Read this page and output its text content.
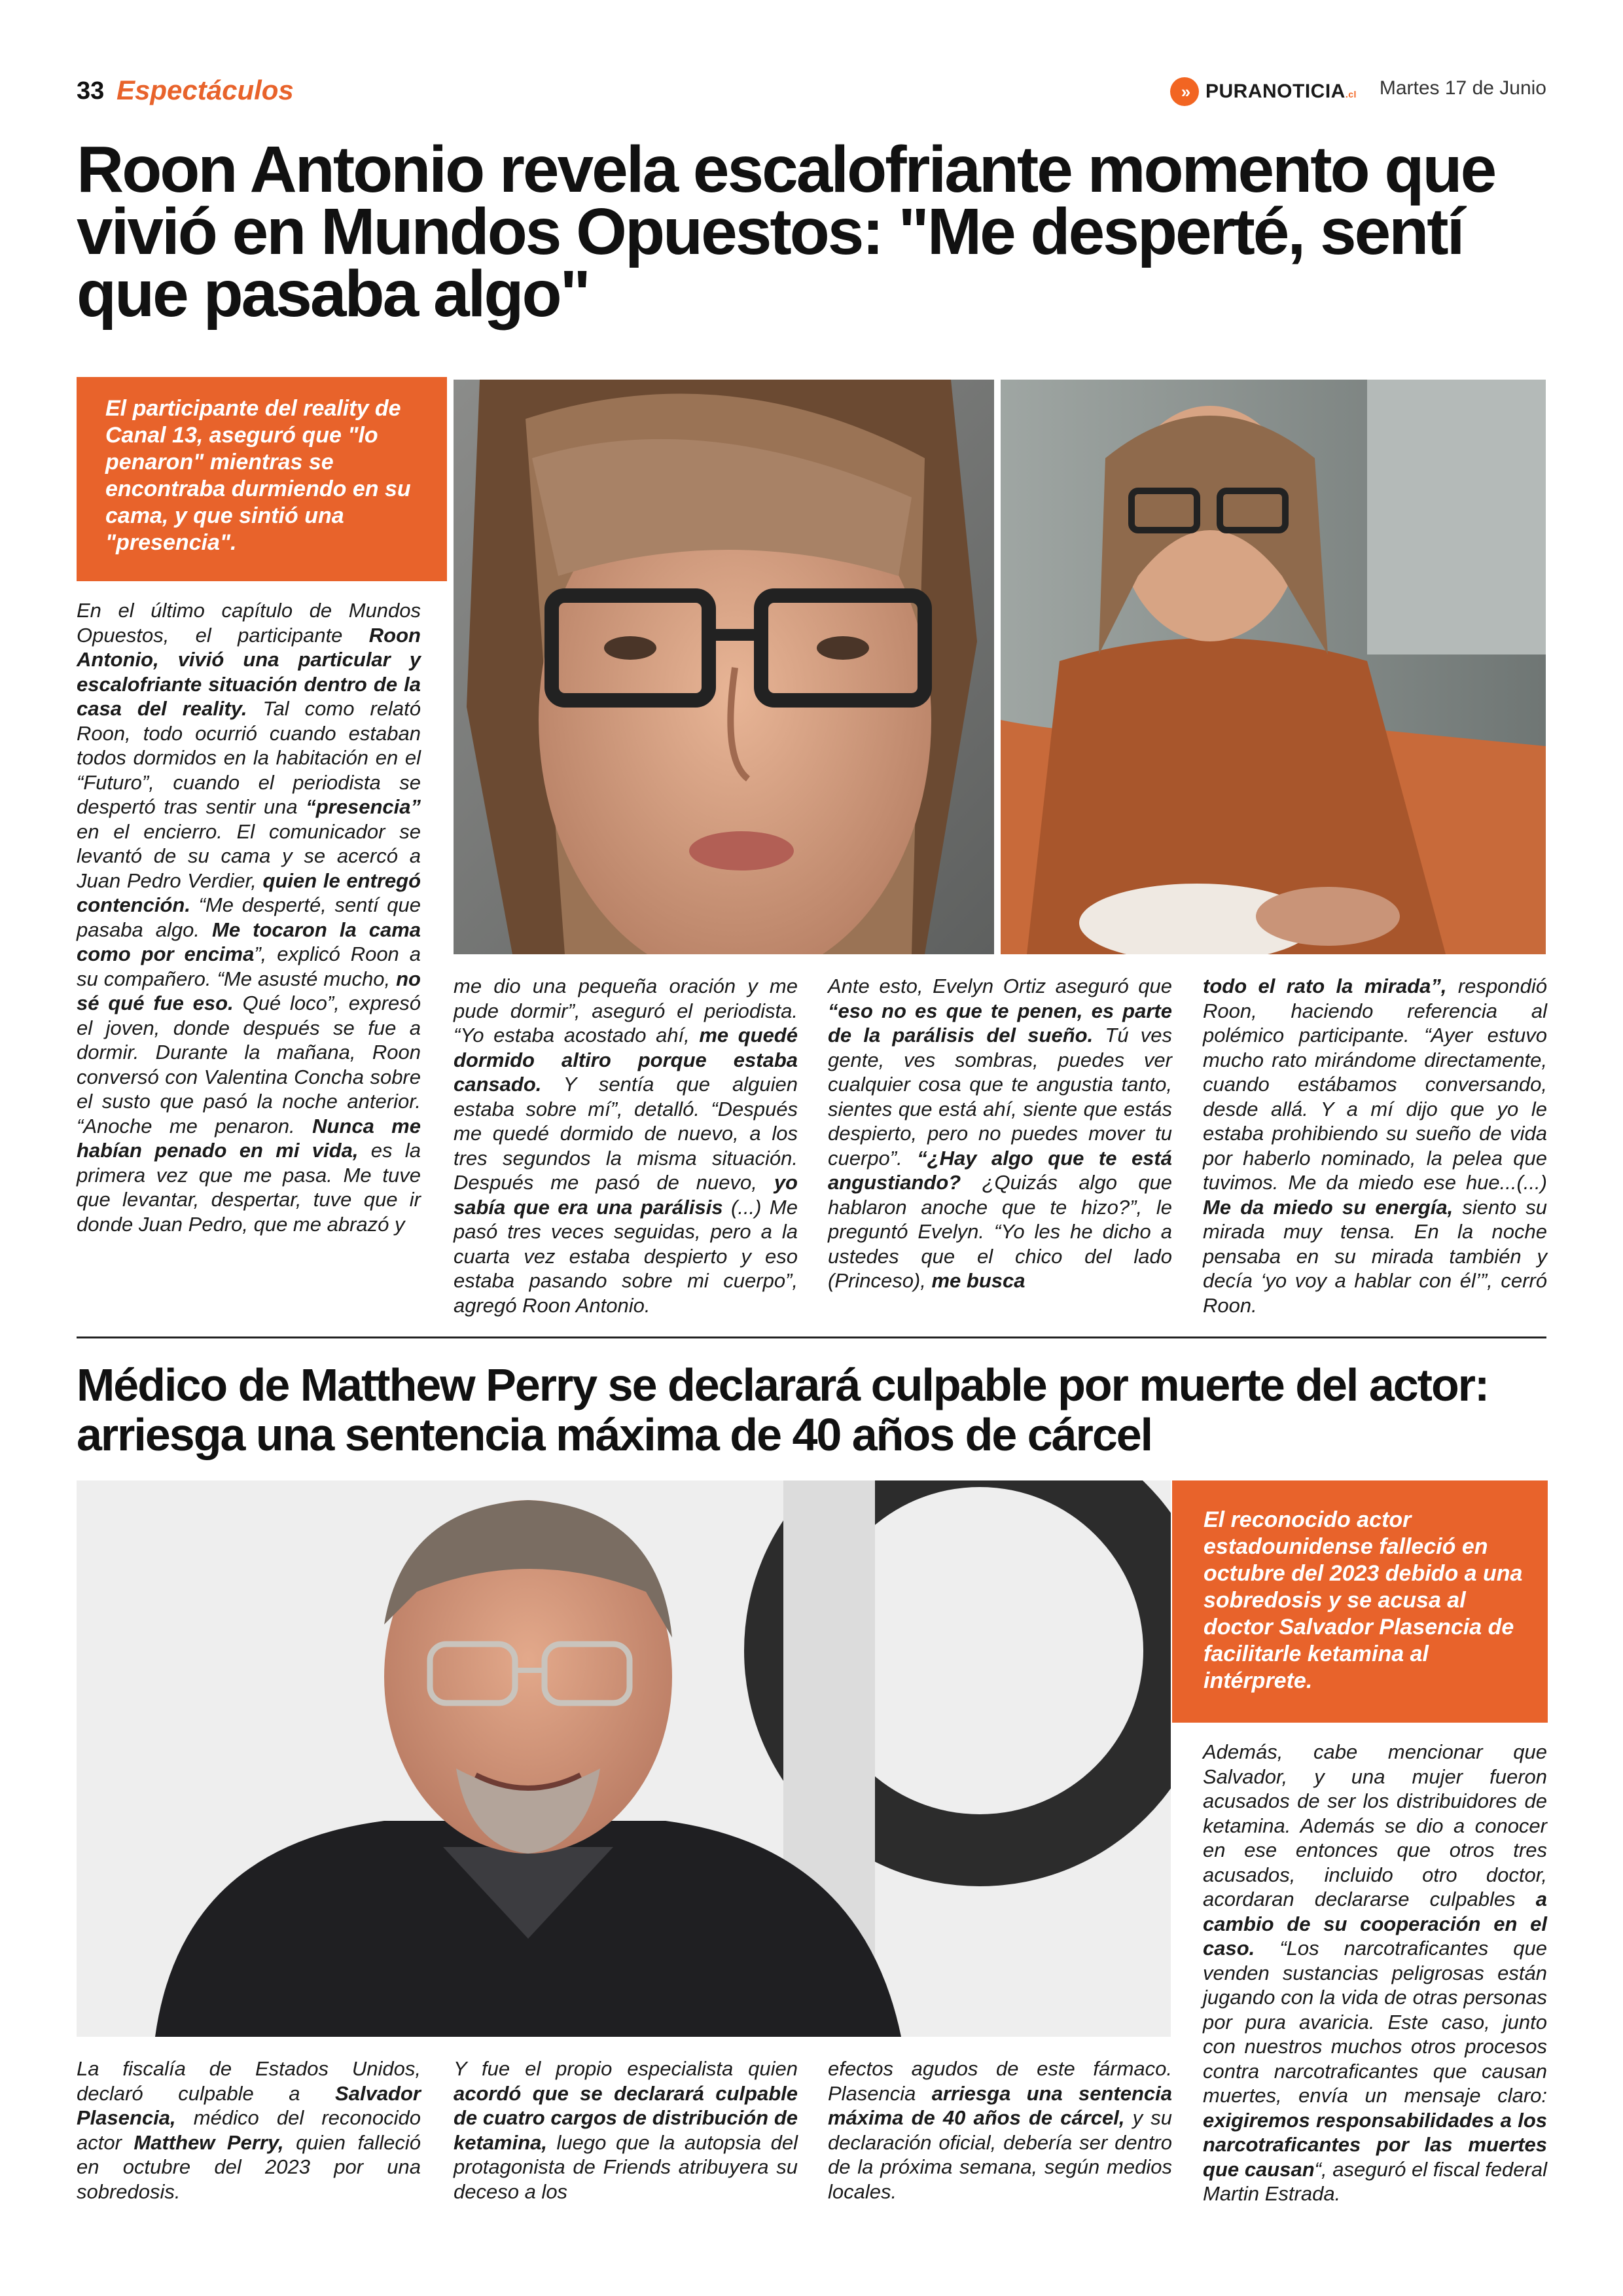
33 Espectáculos	» PURANOTICIA.cl Martes 17 de Junio
Roon Antonio revela escalofriante momento que vivió en Mundos Opuestos: "Me desperté, sentí que pasaba algo"
El participante del reality de Canal 13, aseguró que "lo penaron" mientras se encontraba durmiendo en su cama, y que sintió una "presencia".

En el último capítulo de Mundos Opuestos, el participante Roon Antonio, vivió una particular y escalofriante situación dentro de la casa del reality. Tal como relató Roon, todo ocurrió cuando estaban todos dormidos en la habitación en el “Futuro”, cuando el periodista se despertó tras sentir una “presencia” en el encierro. El comunicador se levantó de su cama y se acercó a Juan Pedro Verdier, quien le entregó contención. “Me desperté, sentí que pasaba algo. Me tocaron la cama como por encima”, explicó Roon a su compañero. “Me asusté mucho, no sé qué fue eso. Qué loco”, expresó el joven, donde después se fue a dormir. Durante la mañana, Roon conversó con Valentina Concha sobre el susto que pasó la noche anterior. “Anoche me penaron. Nunca me habían penado en mi vida, es la primera vez que me pasa. Me tuve que levantar, despertar, tuve que ir donde Juan Pedro, que me abrazó y

me dio una pequeña oración y me pude dormir”, aseguró el periodista. “Yo estaba acostado ahí, me quedé dormido altiro porque estaba cansado. Y sentía que alguien estaba sobre mí”, detalló. “Después me quedé dormido de nuevo, a los tres segundos la misma situación. Después me pasó de nuevo, yo sabía que era una parálisis (...) Me pasó tres veces seguidas, pero a la cuarta vez estaba despierto y eso estaba pasando sobre mi cuerpo”, agregó Roon Antonio.

Ante esto, Evelyn Ortiz aseguró que “eso no es que te penen, es parte de la parálisis del sueño. Tú ves gente, ves sombras, puedes ver cualquier cosa que te angustia tanto, sientes que está ahí, siente que estás despierto, pero no puedes mover tu cuerpo”. “¿Hay algo que te está angustiando? ¿Quizás algo que hablaron anoche que te hizo?”, le preguntó Evelyn. “Yo les he dicho a ustedes que el chico del lado (Princeso), me busca

todo el rato la mirada”, respondió Roon, haciendo referencia al polémico participante. “Ayer estuvo mucho rato mirándome directamente, cuando estábamos conversando, desde allá. Y a mí dijo que yo le estaba prohibiendo su sueño de vida por haberlo nominado, la pelea que tuvimos. Me da miedo ese hue...(...) Me da miedo su energía, siento su mirada muy tensa. En la noche pensaba en su mirada también y decía ‘yo voy a hablar con él’”, cerró Roon.

Médico de Matthew Perry se declarará culpable por muerte del actor: arriesga una sentencia máxima de 40 años de cárcel
El reconocido actor estadounidense falleció en octubre del 2023 debido a una sobredosis y se acusa al doctor Salvador Plasencia de facilitarle ketamina al intérprete.

La fiscalía de Estados Unidos, declaró culpable a Salvador Plasencia, médico del reconocido actor Matthew Perry, quien falleció en octubre del 2023 por una sobredosis.

Y fue el propio especialista quien acordó que se declarará culpable de cuatro cargos de distribución de ketamina, luego que la autopsia del protagonista de Friends atribuyera su deceso a los

efectos agudos de este fármaco. Plasencia arriesga una sentencia máxima de 40 años de cárcel, y su declaración oficial, debería ser dentro de la próxima semana, según medios locales.

Además, cabe mencionar que Salvador, y una mujer fueron acusados de ser los distribuidores de ketamina. Además se dio a conocer en ese entonces que otros tres acusados, incluido otro doctor, acordaran declararse culpables a cambio de su cooperación en el caso. “Los narcotraficantes que venden sustancias peligrosas están jugando con la vida de otras personas por pura avaricia. Este caso, junto con nuestros muchos otros procesos contra narcotraficantes que causan muertes, envía un mensaje claro: exigiremos responsabilidades a los narcotraficantes por las muertes que causan“, aseguró el fiscal federal Martin Estrada.
